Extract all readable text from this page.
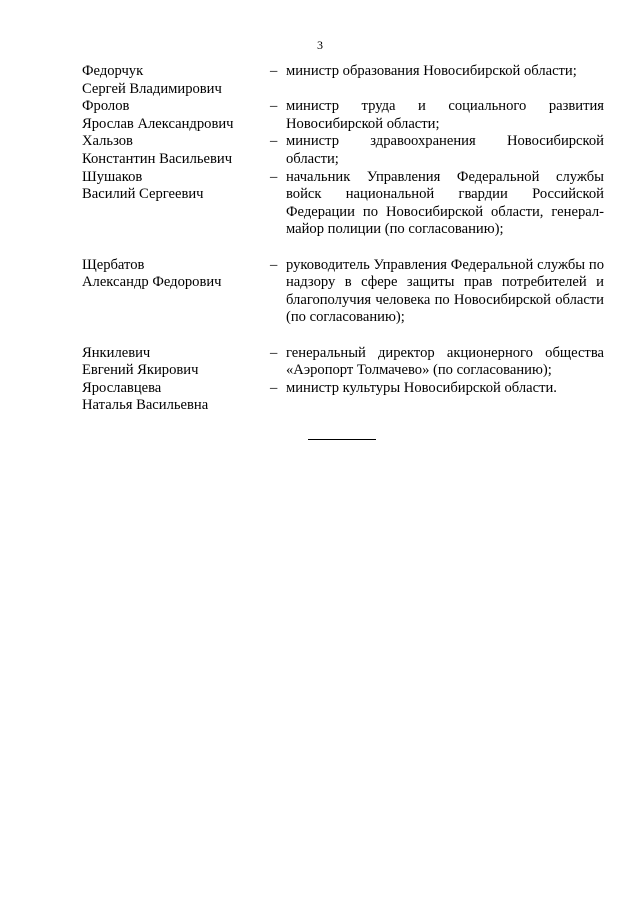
3
Федорчук
Сергей Владимирович
– министр образования Новосибирской области;
Фролов
Ярослав Александрович
– министр труда и социального развития Новосибирской области;
Хальзов
Константин Васильевич
– министр здравоохранения Новосибирской области;
Шушаков
Василий Сергеевич
– начальник Управления Федеральной службы войск национальной гвардии Российской Федерации по Новосибирской области, генерал-майор полиции (по согласованию);
Щербатов
Александр Федорович
– руководитель Управления Федеральной службы по надзору в сфере защиты прав потребителей и благополучия человека по Новосибирской области (по согласованию);
Янкилевич
Евгений Якирович
– генеральный директор акционерного общества «Аэропорт Толмачево» (по согласованию);
Ярославцева
Наталья Васильевна
– министр культуры Новосибирской области.
